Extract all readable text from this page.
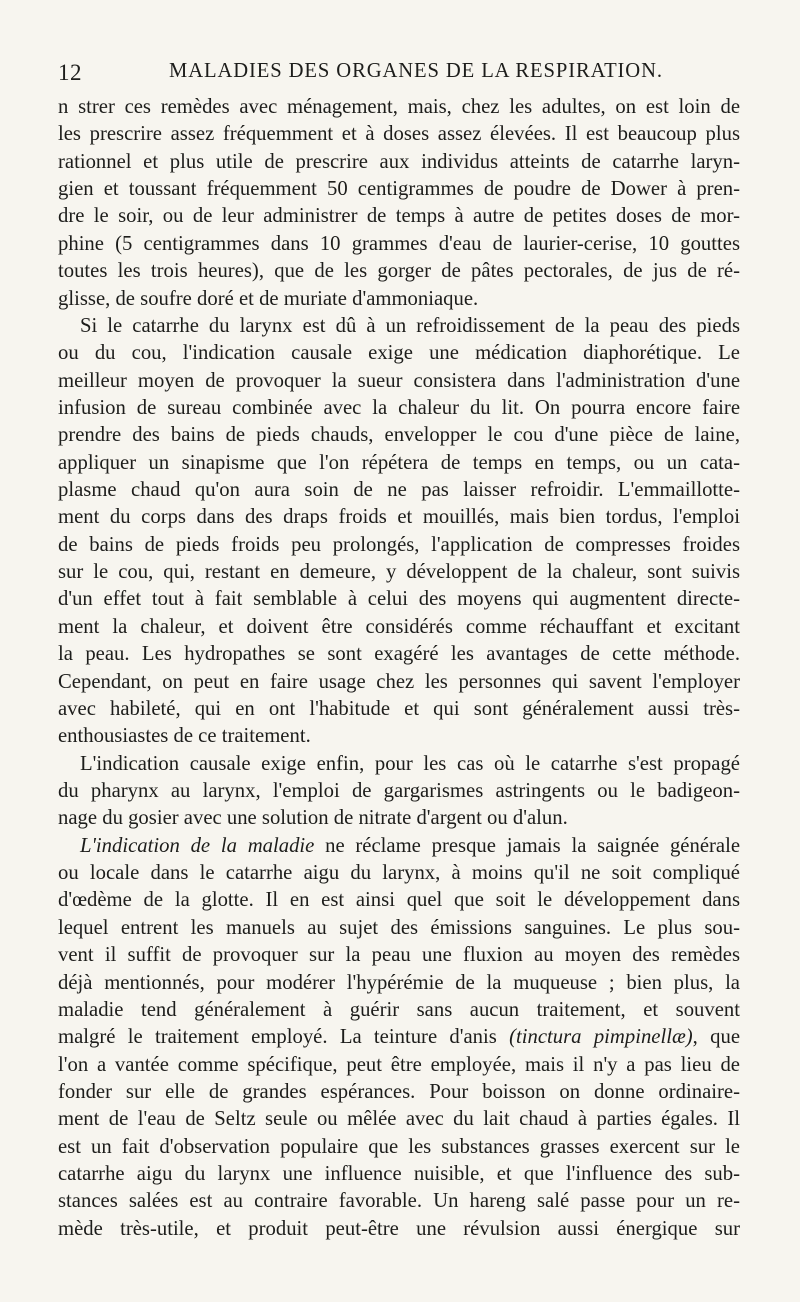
12	MALADIES DES ORGANES DE LA RESPIRATION.
n strer ces remèdes avec ménagement, mais, chez les adultes, on est loin de
les prescrire assez fréquemment et à doses assez élevées. Il est beaucoup plus
rationnel et plus utile de prescrire aux individus atteints de catarrhe laryn-
gien et toussant fréquemment 50 centigrammes de poudre de Dower à pren-
dre le soir, ou de leur administrer de temps à autre de petites doses de mor-
phine (5 centigrammes dans 10 grammes d'eau de laurier-cerise, 10 gouttes
toutes les trois heures), que de les gorger de pâtes pectorales, de jus de ré-
glisse, de soufre doré et de muriate d'ammoniaque.
Si le catarrhe du larynx est dû à un refroidissement de la peau des pieds
ou du cou, l'indication causale exige une médication diaphorétique. Le
meilleur moyen de provoquer la sueur consistera dans l'administration d'une
infusion de sureau combinée avec la chaleur du lit. On pourra encore faire
prendre des bains de pieds chauds, envelopper le cou d'une pièce de laine,
appliquer un sinapisme que l'on répétera de temps en temps, ou un cata-
plasme chaud qu'on aura soin de ne pas laisser refroidir. L'emmaillotte-
ment du corps dans des draps froids et mouillés, mais bien tordus, l'emploi
de bains de pieds froids peu prolongés, l'application de compresses froides
sur le cou, qui, restant en demeure, y développent de la chaleur, sont suivis
d'un effet tout à fait semblable à celui des moyens qui augmentent directe-
ment la chaleur, et doivent être considérés comme réchauffant et excitant
la peau. Les hydropathes se sont exagéré les avantages de cette méthode.
Cependant, on peut en faire usage chez les personnes qui savent l'employer
avec habileté, qui en ont l'habitude et qui sont généralement aussi très-
enthousiastes de ce traitement.
L'indication causale exige enfin, pour les cas où le catarrhe s'est propagé
du pharynx au larynx, l'emploi de gargarismes astringents ou le badigeon-
nage du gosier avec une solution de nitrate d'argent ou d'alun.
L'indication de la maladie ne réclame presque jamais la saignée générale
ou locale dans le catarrhe aigu du larynx, à moins qu'il ne soit compliqué
d'œdème de la glotte. Il en est ainsi quel que soit le développement dans
lequel entrent les manuels au sujet des émissions sanguines. Le plus sou-
vent il suffit de provoquer sur la peau une fluxion au moyen des remèdes
déjà mentionnés, pour modérer l'hypérémie de la muqueuse ; bien plus, la
maladie tend généralement à guérir sans aucun traitement, et souvent
malgré le traitement employé. La teinture d'anis (tinctura pimpinellæ), que
l'on a vantée comme spécifique, peut être employée, mais il n'y a pas lieu de
fonder sur elle de grandes espérances. Pour boisson on donne ordinaire-
ment de l'eau de Seltz seule ou mêlée avec du lait chaud à parties égales. Il
est un fait d'observation populaire que les substances grasses exercent sur le
catarrhe aigu du larynx une influence nuisible, et que l'influence des sub-
stances salées est au contraire favorable. Un hareng salé passe pour un re-
mède très-utile, et produit peut-être une révulsion aussi énergique sur
